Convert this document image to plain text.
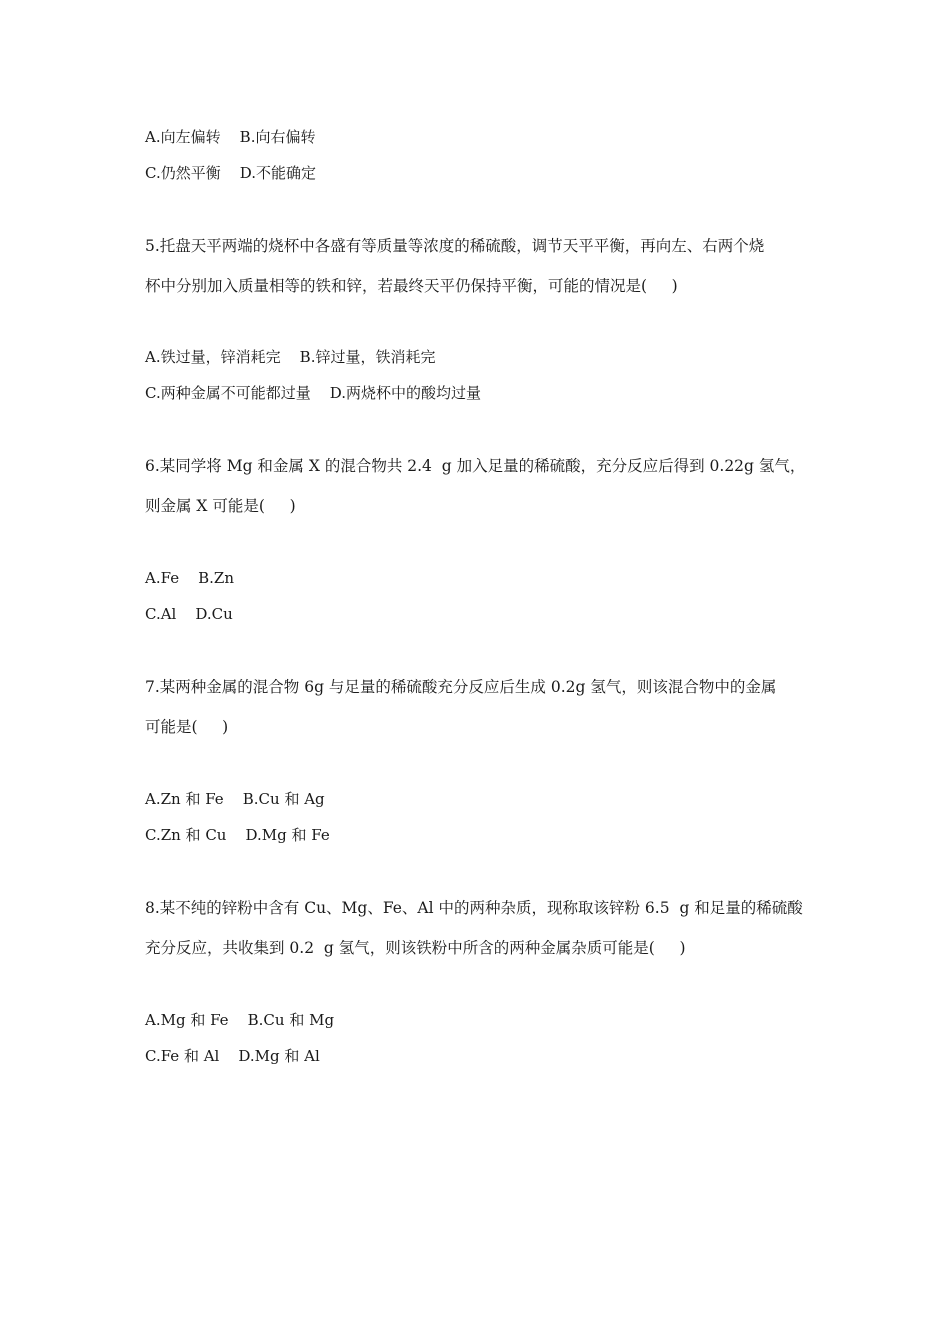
A.向左偏转    B.向右偏转
C.仍然平衡    D.不能确定
5.托盘天平两端的烧杯中各盛有等质量等浓度的稀硫酸，调节天平平衡，再向左、右两个烧
杯中分别加入质量相等的铁和锌，若最终天平仍保持平衡，可能的情况是(     )
A.铁过量，锌消耗完    B.锌过量，铁消耗完
C.两种金属不可能都过量    D.两烧杯中的酸均过量
6.某同学将 Mg 和金属 X 的混合物共 2.4  g 加入足量的稀硫酸，充分反应后得到 0.22g 氢气，
则金属 X 可能是(     )
A.Fe    B.Zn
C.Al    D.Cu
7.某两种金属的混合物 6g 与足量的稀硫酸充分反应后生成 0.2g 氢气，则该混合物中的金属
可能是(     )
A.Zn 和 Fe    B.Cu 和 Ag
C.Zn 和 Cu    D.Mg 和 Fe
8.某不纯的锌粉中含有 Cu、Mg、Fe、Al 中的两种杂质，现称取该锌粉 6.5  g 和足量的稀硫酸
充分反应，共收集到 0.2  g 氢气，则该铁粉中所含的两种金属杂质可能是(     )
A.Mg 和 Fe    B.Cu 和 Mg
C.Fe 和 Al    D.Mg 和 Al
